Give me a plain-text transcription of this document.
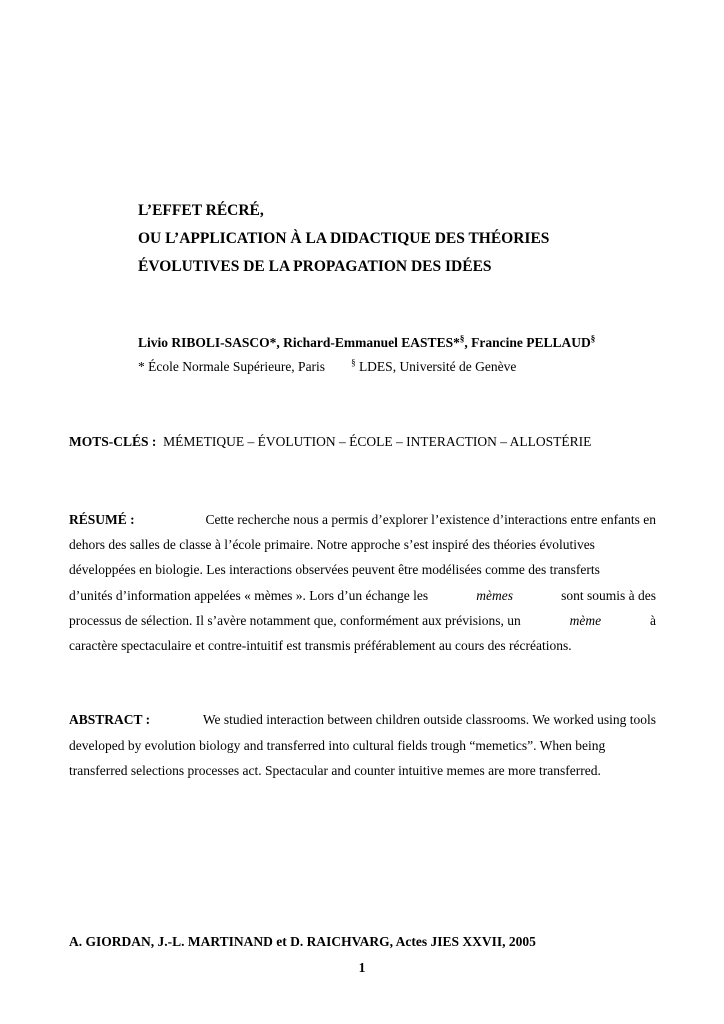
L’EFFET RÉCRÉ,
OU L’APPLICATION À LA DIDACTIQUE DES THÉORIES
ÉVOLUTIVES DE LA PROPAGATION DES IDÉES
Livio RIBOLI-SASCO*, Richard-Emmanuel EASTES*§, Francine PELLAUD§
* École Normale Supérieure, Paris	§ LDES, Université de Genève
MOTS-CLÉS : MÉMETIQUE – ÉVOLUTION – ÉCOLE – INTERACTION – ALLOSTÉRIE
RÉSUMÉ :	Cette recherche nous a permis d’explorer l’existence d’interactions entre enfants en
dehors des salles de classe à l’école primaire. Notre approche s’est inspiré des théories évolutives
développées en biologie. Les interactions observées peuvent être modélisées comme des transferts
d’unités d’information appelées « mèmes ». Lors d’un échange les	mèmes	sont soumis à des
processus de sélection. Il s’avère notamment que, conformément aux prévisions, un	mème	à
caractère spectaculaire et contre-intuitif est transmis préférablement au cours des récréations.
ABSTRACT :	We studied interaction between children outside classrooms. We worked using tools
developed by evolution biology and transferred into cultural fields trough “memetics”. When being
transferred selections processes act. Spectacular and counter intuitive memes are more transferred.
A. GIORDAN, J.-L. MARTINAND et D. RAICHVARG, Actes JIES XXVII, 2005
1
